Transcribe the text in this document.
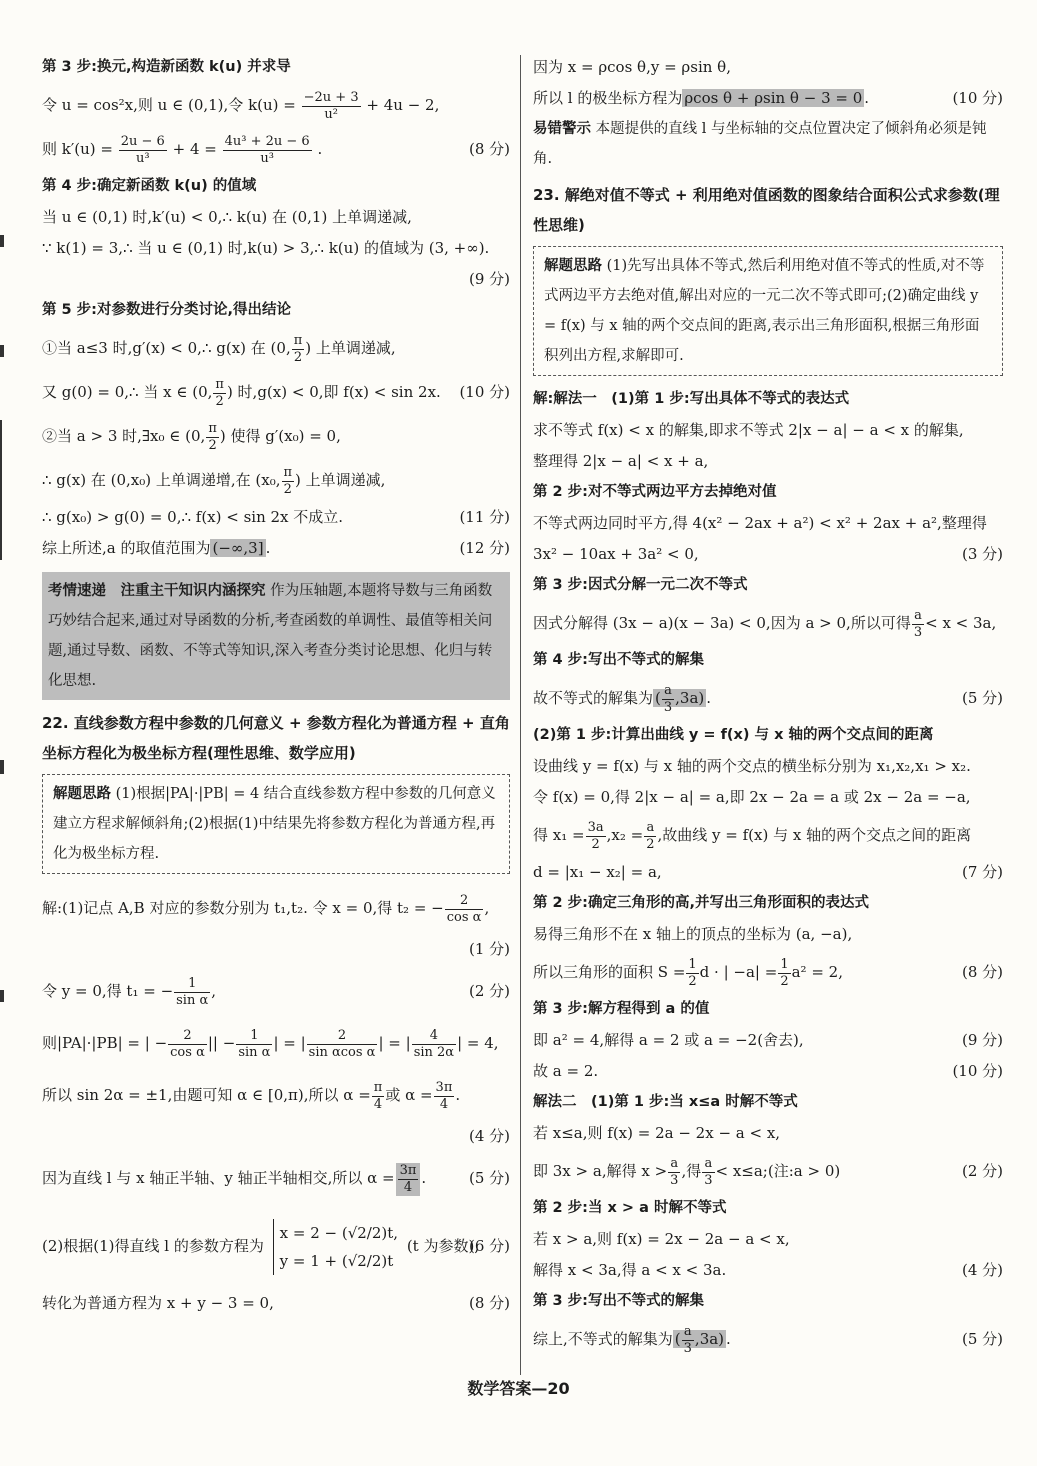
第 3 步:换元,构造新函数 k(u) 并求导
令 u = cos²x,则 u ∈ (0,1),令 $k(u) = \frac{-2u + 3}{\text{u²}} + 4u - 2$,
则 $k'(u) = \frac{2u - 6}{\text{u³}} + 4 = \frac{\text{4u³ + 2u − 6}}{\text{u³}}$ .	(8 分)
第 4 步:确定新函数 k(u) 的值域
当 u ∈ (0,1) 时,k′(u) < 0,∴ k(u) 在 (0,1) 上单调递减,
∵ k(1) = 3,∴ 当 u ∈ (0,1) 时,k(u) > 3,∴ k(u) 的值域为 (3, +∞).
(9 分)
第 5 步:对参数进行分类讨论,得出结论
①当 a≤3 时,g′(x) < 0,∴ g(x) 在 (0, $\frac{\pi}{2}$ ) 上单调递减,
又 g(0) = 0,∴ 当 x ∈ (0, $\frac{\pi}{2}$ ) 时,g(x) < 0,即 f(x) < sin 2x. (10 分)
②当 a > 3 时,∃x₀ ∈ (0, $\frac{\pi}{2}$ ) 使得 g′(x₀) = 0,
∴ g(x) 在 (0,x₀) 上单调递增,在 (x₀, $\frac{\pi}{2}$ ) 上单调递减,
∴ g(x₀) > g(0) = 0,∴ f(x) < sin 2x 不成立.	(11 分)
综上所述,a 的取值范围为 (−∞,3] .	(12 分)
考情速递　注重主干知识内涵探究 作为压轴题,本题将导数与三角函数巧妙结合起来,通过对导函数的分析,考查函数的单调性、最值等相关问题,通过导数、函数、不等式等知识,深入考查分类讨论思想、化归与转化思想.
22. 直线参数方程中参数的几何意义 + 参数方程化为普通方程 + 直角坐标方程化为极坐标方程(理性思维、数学应用)
解题思路 (1)根据|PA|·|PB| = 4 结合直线参数方程中参数的几何意义建立方程求解倾斜角;(2)根据(1)中结果先将参数方程化为普通方程,再化为极坐标方程.
解:(1)记点 A,B 对应的参数分别为 t₁,t₂. 令 x = 0,得 t₂ = − $\frac{2}{\text{cos α}}$ ,
(1 分)
令 y = 0,得 t₁ = − $\frac{1}{\text{sin α}}$ ,	(2 分)
则|PA|·|PB| = | − $\frac{2}{\text{cos α}}$ || − $\frac{1}{\text{sin α}}$ | = | $\frac{2}{\text{sin αcos α}}$ | = | $\frac{4}{\sin 2\alpha}$ | = 4,
所以 sin 2α = ±1,由题可知 α ∈ [0,π),所以 $\alpha = \frac{\pi}{4}$ 或 $\alpha = \frac{3\pi}{4}$ .
(4 分)
因为直线 l 与 x 轴正半轴、y 轴正半轴相交,所以 $\alpha = \frac{3\pi}{4}$ .	(5 分)
(2)根据(1)得直线 l 的参数方程为
x = 2 − (√2/2)t,
y = 1 + (√2/2)t
(t 为参数),
(6 分)
转化为普通方程为 x + y − 3 = 0,	(8 分)
因为 x = ρcos θ,y = ρsin θ,
所以 l 的极坐标方程为 ρcos θ + ρsin θ − 3 = 0 .	(10 分)
易错警示 本题提供的直线 l 与坐标轴的交点位置决定了倾斜角必须是钝角.
23. 解绝对值不等式 + 利用绝对值函数的图象结合面积公式求参数(理性思维)
解题思路 (1)先写出具体不等式,然后利用绝对值不等式的性质,对不等式两边平方去绝对值,解出对应的一元二次不等式即可;(2)确定曲线 y = f(x) 与 x 轴的两个交点间的距离,表示出三角形面积,根据三角形面积列出方程,求解即可.
解:解法一　(1)第 1 步:写出具体不等式的表达式
求不等式 f(x) < x 的解集,即求不等式 2|x − a| − a < x 的解集,
整理得 2|x − a| < x + a,
第 2 步:对不等式两边平方去掉绝对值
不等式两边同时平方,得 4(x² − 2ax + a²) < x² + 2ax + a²,整理得
3x² − 10ax + 3a² < 0,	(3 分)
第 3 步:因式分解一元二次不等式
因式分解得 (3x − a)(x − 3a) < 0,因为 a > 0,所以可得 $\frac{a}{3} < x < 3a$,
第 4 步:写出不等式的解集
故不等式的解集为 ( $\frac{a}{3} ,3a$) .	(5 分)
(2)第 1 步:计算出曲线 y = f(x) 与 x 轴的两个交点间的距离
设曲线 y = f(x) 与 x 轴的两个交点的横坐标分别为 x₁,x₂,x₁ > x₂.
令 f(x) = 0,得 2|x − a| = a,即 2x − 2a = a 或 2x − 2a = −a,
得 $x_1 = \frac{3a}{2} ,x_2 = \frac{a}{2}$ ,故曲线 y = f(x) 与 x 轴的两个交点之间的距离
d = |x₁ − x₂| = a,	(7 分)
第 2 步:确定三角形的高,并写出三角形面积的表达式
易得三角形不在 x 轴上的顶点的坐标为 (a, −a),
所以三角形的面积 $S = \frac{1}{2}$ d · | $-a| = \frac{1}{2} a^2 = 2$,	(8 分)
第 3 步:解方程得到 a 的值
即 a² = 4,解得 a = 2 或 a = −2(舍去),	(9 分)
故 a = 2.	(10 分)
解法二　(1)第 1 步:当 x≤a 时解不等式
若 x≤a,则 f(x) = 2a − 2x − a < x,
即 3x > a,解得 $x > \frac{a}{3}$ ,得 $\frac{a}{3}$ < x≤a;(注:a > 0)	(2 分)
第 2 步:当 x > a 时解不等式
若 x > a,则 f(x) = 2x − 2a − a < x,
解得 x < 3a,得 a < x < 3a.	(4 分)
第 3 步:写出不等式的解集
综上,不等式的解集为 ( $\frac{a}{3} ,3a$) .	(5 分)
数学答案—20
